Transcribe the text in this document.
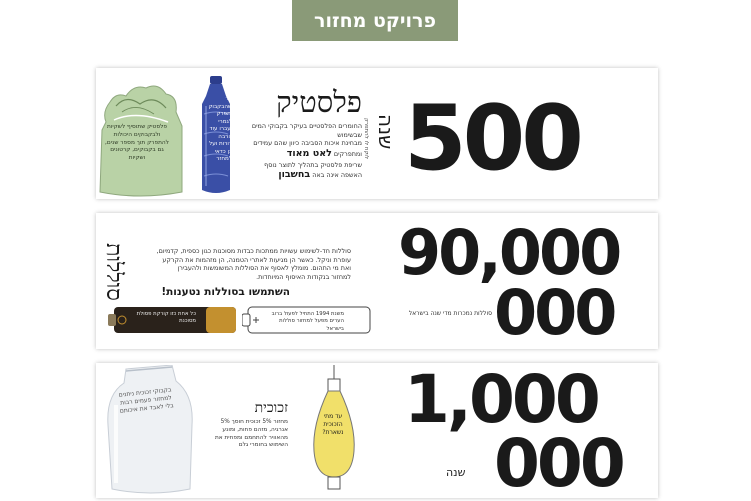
פרויקט מחזור
פלסטיק שתוסיף לשקיות ולבקבוקים היכולות להתפרק תוך מספר שנים, גם בקבוקים, קרטונים ושקיות
עד שהבקבוק יתפרק לגמרי יעברו עוד הרבה דורות ועל כן כדאי למחזר
פלסטיק
החומרים הפלסטיים בעיקר בקבוקי המים שבשימוש
מבחינת איכות הסביבה כיוון שהם עמידים
ומתפרקים לאט מאוד
שריפת פלסטיק בתהליך לתוצר נוסף
האשפה אינה באה בחשבון
לוקח לו להתפרק שנה 500
סוללות	סוללות חד-לשימוש עשויות ממתכות כבדות מסוכנות כגון כספית, קדמיום, עופרת וניקל. כאשר הן מגיעות לאתרי הטמנה, הן מזהמות את הקרקע ואת מי התהום. מומלץ לאסוף את הסוללות המשומשות ולהעבירן למחזור בנקודות האיסוף המיוחדות.
השתמשו בסוללות נטענות!
כל אחת כזו קורקת פסולת מסוכנת
משנת 1994 התחיל לפעול ברוב הערים מפעל למחזור סוללות בישראל
90,000
000
סוללות נמכרות מדי שנה בישראל
בקבוקי זכוכית ניתנים למחזור פעמים רבות בלי לאבד את איכותם	זכוכית
מחזור 5% זכוכית חוסך 5% אנרגיה, מזהם פחות, ומונע מהאוויר להתחמם ומפחית את השימוש בחומרי גלם
עד מתי הזכוכית נשארת? 1,000
000
שנה
